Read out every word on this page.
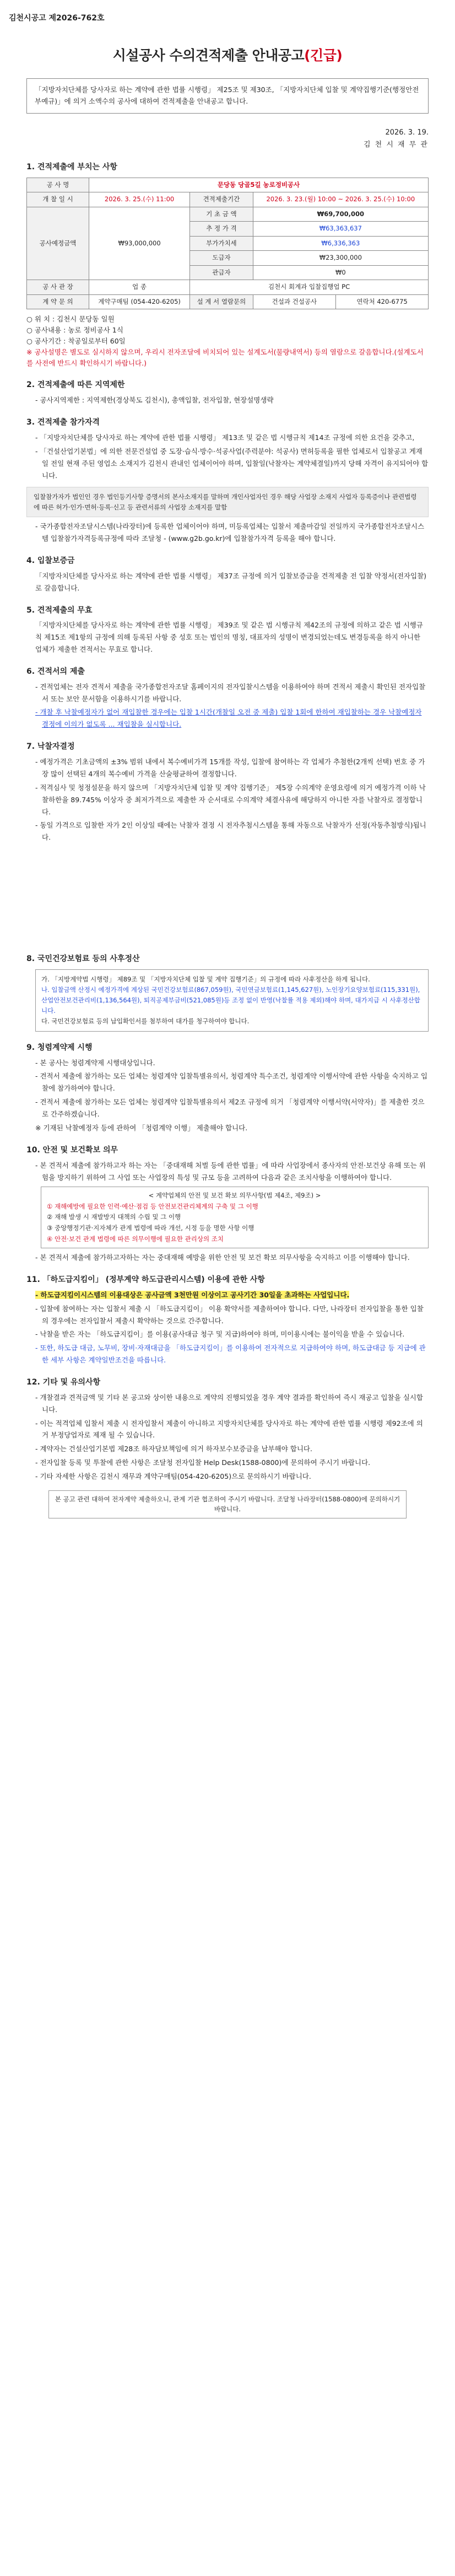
김천시공고 제2026-762호
시설공사 수의견적제출 안내공고(긴급)
「지방자치단체를 당사자로 하는 계약에 관한 법률 시행령」 제25조 및 제30조, 「지방자치단체 입찰 및 계약집행기준(행정안전부예규)」에 의거 소액수의 공사에 대하여 견적제출을 안내공고 합니다.
2026. 3. 19.
김 천 시 재 무 관
1. 견적제출에 부치는 사항
공 사 명	문당동 당골5길 농로정비공사			
개 찰 일 시	2026. 3. 25.(수) 11:00	견적제출기간	2026. 3. 23.(월) 10:00 ~ 2026. 3. 25.(수) 10:00	
공사예정금액	₩93,000,000	기 초 금 액	₩69,700,000	
		추 정 가 격	₩63,363,637	
		부가가치세	₩6,336,363	
		도급자	₩23,300,000	
		관급자	₩0	
공 사 관 장	업 종	김천시 회계과 입찰집행업 PC		
계 약 문 의	계약구매팀 (054-420-6205)	설 계 서 열람문의	건설과 건설공사	연락처 420-6775
○ 위 치 : 김천시 문당동 일원
○ 공사내용 : 농로 정비공사 1식
○ 공사기간 : 착공일로부터 60일
※ 공사설명은 별도로 실시하지 않으며, 우리시 전자조달에 비치되어 있는 설계도서(물량내역서) 등의 열람으로 갈음합니다.(설계도서를 사전에 반드시 확인하시기 바랍니다.)
2. 견적제출에 따른 지역제한
- 공사지역제한 : 지역제한(경상북도 김천시), 총액입찰, 전자입찰, 현장설명생략
3. 견적제출 참가자격
- 「지방자치단체를 당사자로 하는 계약에 관한 법률 시행령」 제13조 및 같은 법 시행규칙 제14조 규정에 의한 요건을 갖추고,
- 「건설산업기본법」에 의한 전문건설업 중 도장·습식·방수·석공사업(주력분야: 석공사) 면허등록을 필한 업체로서 입찰공고 게재일 전일 현재 주된 영업소 소재지가 김천시 관내인 업체이어야 하며, 입찰일(낙찰자는 계약체결일)까지 당해 자격이 유지되어야 합니다.
입찰참가자가 법인인 경우 법인등기사항 증명서의 본사소재지를 말하며 개인사업자인 경우 해당 사업장 소재지 사업자 등록증이나 관련법령에 따른 허가·인가·면허·등록·신고 등 관련서류의 사업장 소재지를 말함
- 국가종합전자조달시스템(나라장터)에 등록한 업체이어야 하며, 미등록업체는 입찰서 제출마감일 전일까지 국가종합전자조달시스템 입찰참가자격등록규정에 따라 조달청 - (www.g2b.go.kr)에 입찰참가자격 등록을 해야 합니다.
4. 입찰보증금
「지방자치단체를 당사자로 하는 계약에 관한 법률 시행령」 제37조 규정에 의거 입찰보증금을 견적제출 전 입찰 약정서(전자입찰)로 갈음합니다.
5. 견적제출의 무효
「지방자치단체를 당사자로 하는 계약에 관한 법률 시행령」 제39조 및 같은 법 시행규칙 제42조의 규정에 의하고 같은 법 시행규칙 제15조 제1항의 규정에 의해 등록된 사항 중 성호 또는 법인의 명칭, 대표자의 성명이 변경되었는데도 변경등록을 하지 아니한 업체가 제출한 견적서는 무효로 합니다.
6. 견적서의 제출
- 견적업체는 전자 견적서 제출을 국가종합전자조달 홈페이지의 전자입찰시스템을 이용하여야 하며 견적서 제출시 확인된 전자입찰서 또는 보안 문서함을 이용하시기를 바랍니다.
- 개찰 후 낙찰예정자가 없어 재입찰한 경우에는 입찰 1시간(개찰일 오전 중 제출) 입찰 1회에 한하여 재입찰하는 경우 낙찰예정자 결정에 이의가 없도록 ... 재입찰을 실시합니다.
7. 낙찰자결정
- 예정가격은 기초금액의 ±3% 범위 내에서 복수예비가격 15개를 작성, 입찰에 참여하는 각 업체가 추첨한(2개씩 선택) 번호 중 가장 많이 선택된 4개의 복수예비 가격을 산술평균하여 결정합니다.
- 적격심사 및 청정설문을 하지 않으며 「지방자치단체 입찰 및 계약 집행기준」 제5장 수의계약 운영요령에 의거 예정가격 이하 낙찰하한율 89.745% 이상자 중 최저가격으로 제출한 자 순서대로 수의계약 체결사유에 해당하지 아니한 자를 낙찰자로 결정합니다.
- 동일 가격으로 입찰한 자가 2인 이상일 때에는 낙찰자 결정 시 전자추첨시스템을 통해 자동으로 낙찰자가 선정(자동추첨방식)됩니다.
8. 국민건강보험료 등의 사후정산
가. 「지방계약법 시행령」 제89조 및 「지방자치단체 입찰 및 계약 집행기준」의 규정에 따라 사후정산을 하게 됩니다.
나. 입찰금액 산정시 예정가격에 계상된 국민건강보험료(867,059원), 국민연금보험료(1,145,627원), 노인장기요양보험료(115,331원), 산업안전보건관리비(1,136,564원), 퇴직공제부금비(521,085원)등 조정 없이 반영(낙찰률 적용 제외)해야 하며, 대가지급 시 사후정산합니다.
다. 국민건강보험료 등의 납입확인서를 첨부하여 대가를 청구하여야 합니다.
9. 청렴계약제 시행
- 본 공사는 청렴계약제 시행대상입니다.
- 견적서 제출에 참가하는 모든 업체는 청렴계약 입찰특별유의서, 청렴계약 특수조건, 청렴계약 이행서약에 관한 사항을 숙지하고 입찰에 참가하여야 합니다.
- 견적서 제출에 참가하는 모든 업체는 청렴계약 입찰특별유의서 제2조 규정에 의거 「청렴계약 이행서약(서약자)」를 제출한 것으로 간주하겠습니다.
※ 기재된 낙찰예정자 등에 관하여 「청렴계약 이행」 제출해야 합니다.
10. 안전 및 보건확보 의무
- 본 견적서 제출에 참가하고자 하는 자는 「중대재해 처벌 등에 관한 법률」에 따라 사업장에서 종사자의 안전·보건상 유해 또는 위험을 방지하기 위하여 그 사업 또는 사업장의 특성 및 규모 등을 고려하여 다음과 같은 조치사항을 이행하여야 합니다.
< 계약업체의 안전 및 보건 확보 의무사항(법 제4조, 제9조) >
① 재해예방에 필요한 인력·예산·점검 등 안전보건관리체계의 구축 및 그 이행
② 재해 발생 시 재발방지 대책의 수립 및 그 이행
③ 중앙행정기관·지자체가 관계 법령에 따라 개선, 시정 등을 명한 사항 이행
④ 안전·보건 관계 법령에 따른 의무이행에 필요한 관리상의 조치
- 본 견적서 제출에 참가하고자하는 자는 중대재해 예방을 위한 안전 및 보건 확보 의무사항을 숙지하고 이를 이행해야 합니다.
11. 「하도급지킴이」 (정부계약 하도급관리시스템) 이용에 관한 사항
- 하도급지킴이시스템의 이용대상은 공사금액 3천만원 이상이고 공사기간 30일을 초과하는 사업입니다.
- 입찰에 참여하는 자는 입찰서 제출 시 「하도급지킴이」 이용 확약서를 제출하여야 합니다. 다만, 나라장터 전자입찰을 통한 입찰의 경우에는 전자입찰서 제출시 확약하는 것으로 간주합니다.
- 낙찰을 받은 자는 「하도급지킴이」를 이용(공사대금 청구 및 지급)하여야 하며, 미이용시에는 불이익을 받을 수 있습니다.
- 또한, 하도급 대금, 노무비, 장비·자재대금을 「하도급지킴이」를 이용하여 전자적으로 지급하여야 하며, 하도급대금 등 지급에 관한 세부 사항은 계약일반조건을 따릅니다.
12. 기타 및 유의사항
- 개찰결과 견적금액 및 기타 본 공고와 상이한 내용으로 계약의 진행되었을 경우 계약 결과를 확인하여 즉시 재공고 입찰을 실시합니다.
- 이는 적격업체 입찰서 제출 시 전자입찰서 제출이 아니하고 지방자치단체를 당사자로 하는 계약에 관한 법률 시행령 제92조에 의거 부정당업자로 제재 될 수 있습니다.
- 계약자는 건설산업기본법 제28조 하자담보책임에 의거 하자보수보증금을 납부해야 합니다.
- 전자입찰 등록 및 투찰에 관한 사항은 조달청 전자입찰 Help Desk(1588-0800)에 문의하여 주시기 바랍니다.
- 기타 자세한 사항은 김천시 재무과 계약구매팀(054-420-6205)으로 문의하시기 바랍니다.
본 공고 관련 대하여 전자계약 제출하오니, 관계 기관 협조하여 주시기 바랍니다. 조달청 나라장터(1588-0800)에 문의하시기 바랍니다.
